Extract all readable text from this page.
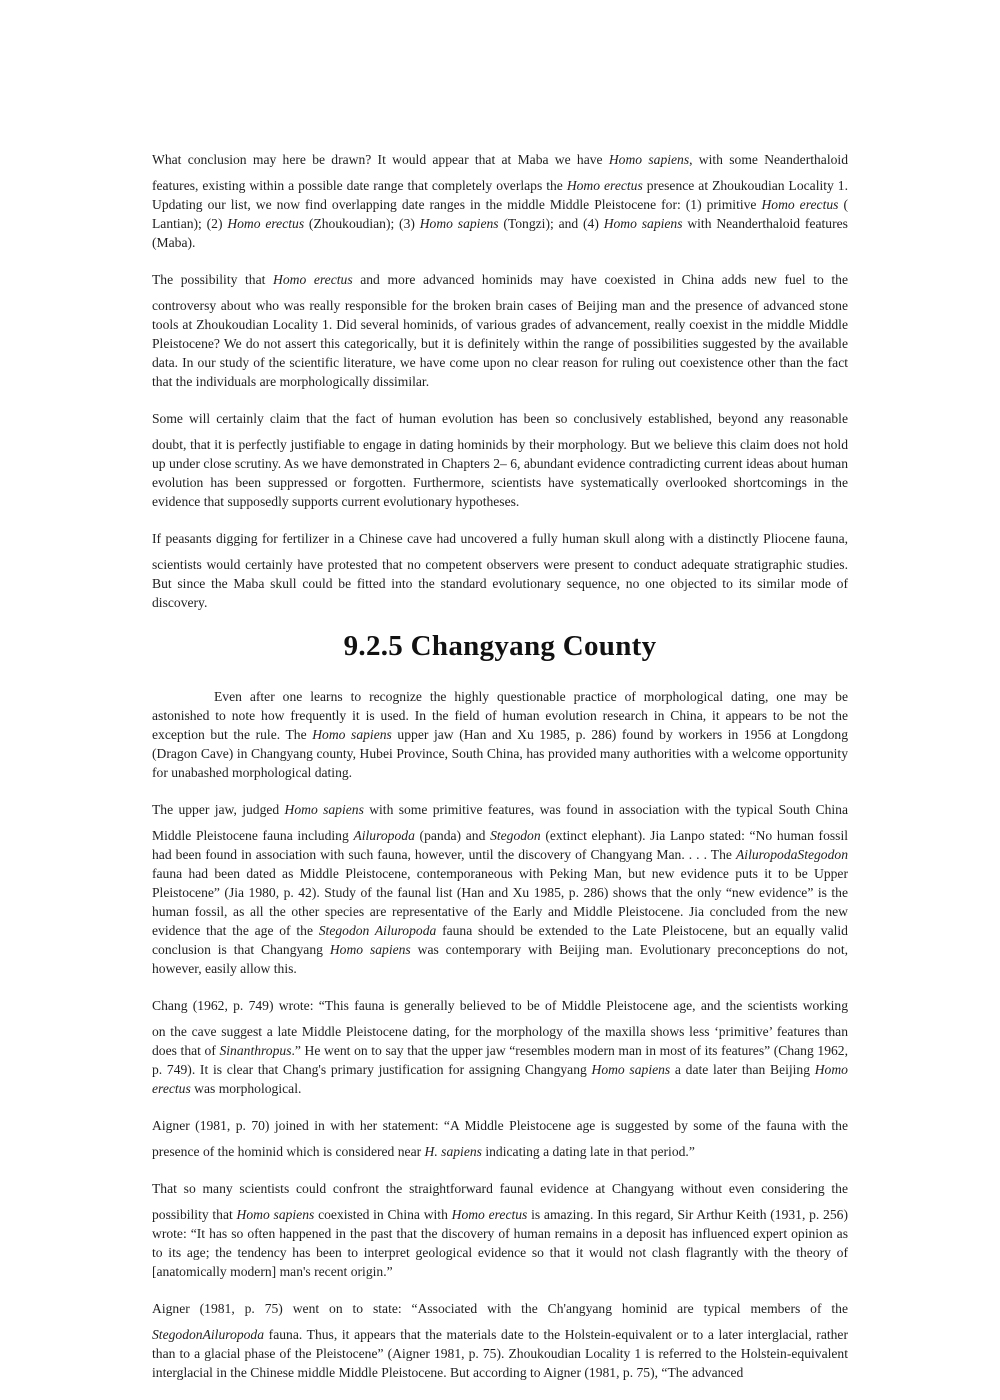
What conclusion may here be drawn? It would appear that at Maba we have Homo sapiens, with some Neanderthaloid
features, existing within a possible date range that completely overlaps the Homo erectus presence at Zhoukoudian Locality 1. Updating our list, we now find overlapping date ranges in the middle Middle Pleistocene for: (1) primitive Homo erectus ( Lantian); (2) Homo erectus (Zhoukoudian); (3) Homo sapiens (Tongzi); and (4) Homo sapiens with Neanderthaloid features (Maba).
The possibility that Homo erectus and more advanced hominids may have coexisted in China adds new fuel to the
controversy about who was really responsible for the broken brain cases of Beijing man and the presence of advanced stone tools at Zhoukoudian Locality 1. Did several hominids, of various grades of advancement, really coexist in the middle Middle Pleistocene? We do not assert this categorically, but it is definitely within the range of possibilities suggested by the available data. In our study of the scientific literature, we have come upon no clear reason for ruling out coexistence other than the fact that the individuals are morphologically dissimilar.
Some will certainly claim that the fact of human evolution has been so conclusively established, beyond any reasonable
doubt, that it is perfectly justifiable to engage in dating hominids by their morphology. But we believe this claim does not hold up under close scrutiny. As we have demonstrated in Chapters 2– 6, abundant evidence contradicting current ideas about human evolution has been suppressed or forgotten. Furthermore, scientists have systematically overlooked shortcomings in the evidence that supposedly supports current evolutionary hypotheses.
If peasants digging for fertilizer in a Chinese cave had uncovered a fully human skull along with a distinctly Pliocene fauna,
scientists would certainly have protested that no competent observers were present to conduct adequate stratigraphic studies. But since the Maba skull could be fitted into the standard evolutionary sequence, no one objected to its similar mode of discovery.
9.2.5 Changyang County
Even after one learns to recognize the highly questionable practice of morphological dating, one may be
astonished to note how frequently it is used. In the field of human evolution research in China, it appears to be not the exception but the rule. The Homo sapiens upper jaw (Han and Xu 1985, p. 286) found by workers in 1956 at Longdong (Dragon Cave) in Changyang county, Hubei Province, South China, has provided many authorities with a welcome opportunity for unabashed morphological dating.
The upper jaw, judged Homo sapiens with some primitive features, was found in association with the typical South China
Middle Pleistocene fauna including Ailuropoda (panda) and Stegodon (extinct elephant). Jia Lanpo stated: “No human fossil had been found in association with such fauna, however, until the discovery of Changyang Man. . . . The AiluropodaStegodon fauna had been dated as Middle Pleistocene, contemporaneous with Peking Man, but new evidence puts it to be Upper Pleistocene” (Jia 1980, p. 42). Study of the faunal list (Han and Xu 1985, p. 286) shows that the only “new evidence” is the human fossil, as all the other species are representative of the Early and Middle Pleistocene. Jia concluded from the new evidence that the age of the Stegodon Ailuropoda fauna should be extended to the Late Pleistocene, but an equally valid conclusion is that Changyang Homo sapiens was contemporary with Beijing man. Evolutionary preconceptions do not, however, easily allow this.
Chang (1962, p. 749) wrote: “This fauna is generally believed to be of Middle Pleistocene age, and the scientists working
on the cave suggest a late Middle Pleistocene dating, for the morphology of the maxilla shows less ‘primitive’ features than does that of Sinanthropus.” He went on to say that the upper jaw “resembles modern man in most of its features” (Chang 1962, p. 749). It is clear that Chang's primary justification for assigning Changyang Homo sapiens a date later than Beijing Homo erectus was morphological.
Aigner (1981, p. 70) joined in with her statement: “A Middle Pleistocene age is suggested by some of the fauna with the
presence of the hominid which is considered near H. sapiens indicating a dating late in that period.”
That so many scientists could confront the straightforward faunal evidence at Changyang without even considering the
possibility that Homo sapiens coexisted in China with Homo erectus is amazing. In this regard, Sir Arthur Keith (1931, p. 256) wrote: “It has so often happened in the past that the discovery of human remains in a deposit has influenced expert opinion as to its age; the tendency has been to interpret geological evidence so that it would not clash flagrantly with the theory of [anatomically modern] man's recent origin.”
Aigner (1981, p. 75) went on to state: “Associated with the Ch'angyang hominid are typical members of the
StegodonAiluropoda fauna. Thus, it appears that the materials date to the Holstein-equivalent or to a later interglacial, rather than to a glacial phase of the Pleistocene” (Aigner 1981, p. 75). Zhoukoudian Locality 1 is referred to the Holstein-equivalent interglacial in the Chinese middle Middle Pleistocene. But according to Aigner (1981, p. 75), “The advanced
